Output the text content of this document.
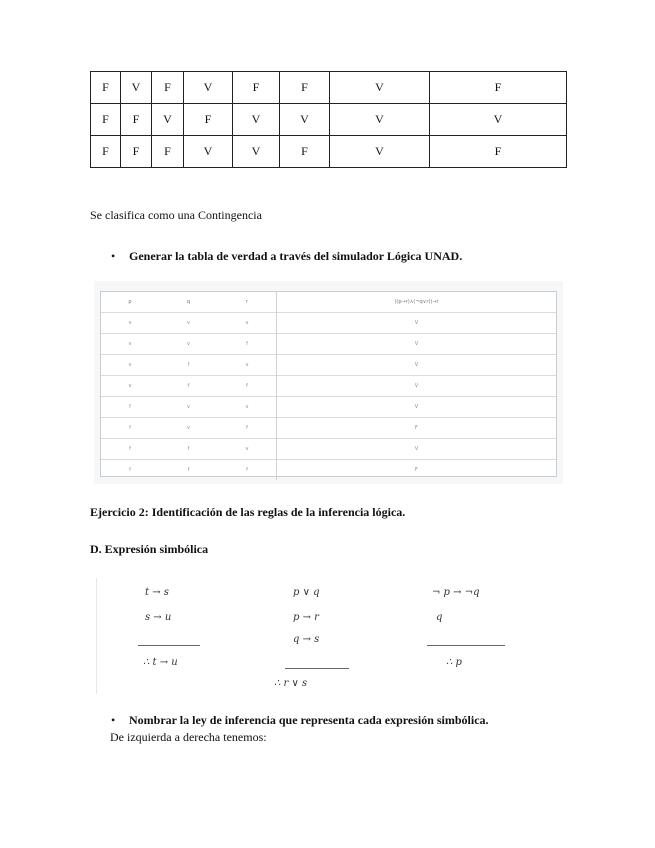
F	V	F	V	F	F	V	F
F	F	V	F	V	V	V	V
F	F	F	V	V	F	V	F
Se clasifica como una Contingencia
• Generar la tabla de verdad a través del simulador Lógica UNAD.
p	q	r	((p→r)∧(¬q∨r))→r
v	v	v	V
v	v	f	V
v	f	v	V
v	f	f	V
f	v	v	V
f	v	f	F
f	f	v	V
f	f	f	F
Ejercicio 2: Identificación de las reglas de la inferencia lógica.
D. Expresión simbólica
t → s
s → u
∴ t → u
p ∨ q
p → r
q → s
∴ r ∨ s
¬ p → ¬q
q
∴ p
• Nombrar la ley de inferencia que representa cada expresión simbólica.
De izquierda a derecha tenemos:
